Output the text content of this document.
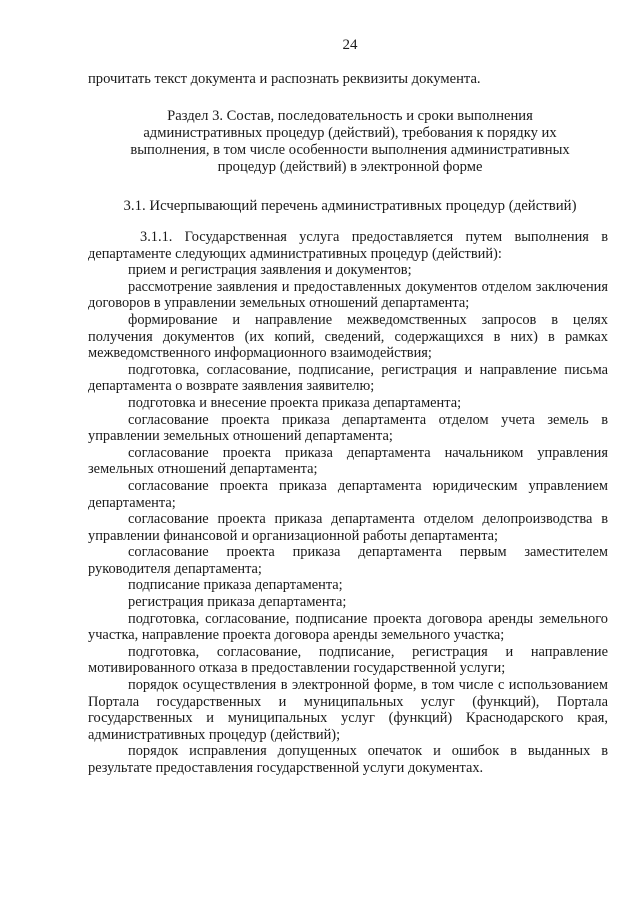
24
прочитать текст документа и распознать реквизиты документа.
Раздел 3. Состав, последовательность и сроки выполнения
административных процедур (действий), требования к порядку их
выполнения, в том числе особенности выполнения административных
процедур (действий) в электронной форме
3.1. Исчерпывающий перечень административных процедур (действий)

3.1.1. Государственная услуга предоставляется путем выполнения в департаменте следующих административных процедур (действий):

прием и регистрация заявления и документов;

рассмотрение заявления и предоставленных документов отделом заключения договоров в управлении земельных отношений департамента;

формирование и направление межведомственных запросов в целях получения документов (их копий, сведений, содержащихся в них) в рамках межведомственного информационного взаимодействия;

подготовка, согласование, подписание, регистрация и направление письма департамента о возврате заявления заявителю;

подготовка и внесение проекта приказа департамента;

согласование проекта приказа департамента отделом учета земель в управлении земельных отношений департамента;

согласование проекта приказа департамента начальником управления земельных отношений департамента;

согласование проекта приказа департамента юридическим управлением департамента;

согласование проекта приказа департамента отделом делопроизводства в управлении финансовой и организационной работы департамента;

согласование проекта приказа департамента первым заместителем руководителя департамента;

подписание приказа департамента;

регистрация приказа департамента;

подготовка, согласование, подписание проекта договора аренды земельного участка, направление проекта договора аренды земельного участка;

подготовка, согласование, подписание, регистрация и направление мотивированного отказа в предоставлении государственной услуги;

порядок осуществления в электронной форме, в том числе с использованием Портала государственных и муниципальных услуг (функций), Портала государственных и муниципальных услуг (функций) Краснодарского края, административных процедур (действий);

порядок исправления допущенных опечаток и ошибок в выданных в результате предоставления государственной услуги документах.
